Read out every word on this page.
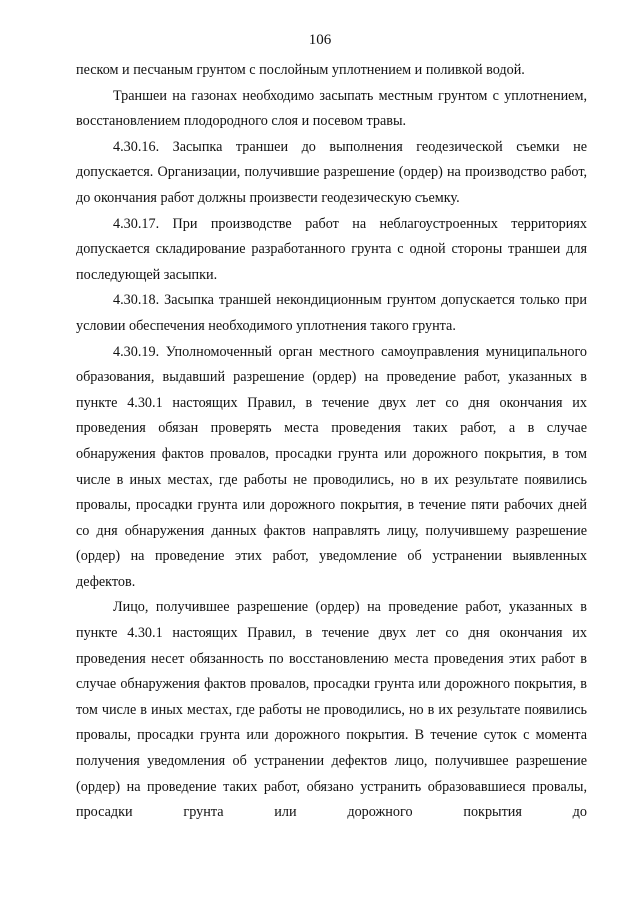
106

песком и песчаным грунтом с послойным уплотнением и поливкой водой.

Траншеи на газонах необходимо засыпать местным грунтом с уплотнением, восстановлением плодородного слоя и посевом травы.

4.30.16. Засыпка траншеи до выполнения геодезической съемки не допускается. Организации, получившие разрешение (ордер) на производство работ, до окончания работ должны произвести геодезическую съемку.

4.30.17. При производстве работ на неблагоустроенных территориях допускается складирование разработанного грунта с одной стороны траншеи для последующей засыпки.

4.30.18. Засыпка траншей некондиционным грунтом допускается только при условии обеспечения необходимого уплотнения такого грунта.

4.30.19. Уполномоченный орган местного самоуправления муниципального образования, выдавший разрешение (ордер) на проведение работ, указанных в пункте 4.30.1 настоящих Правил, в течение двух лет со дня окончания их проведения обязан проверять места проведения таких работ, а в случае обнаружения фактов провалов, просадки грунта или дорожного покрытия, в том числе в иных местах, где работы не проводились, но в их результате появились провалы, просадки грунта или дорожного покрытия, в течение пяти рабочих дней со дня обнаружения данных фактов направлять лицу, получившему разрешение (ордер) на проведение этих работ, уведомление об устранении выявленных дефектов.

Лицо, получившее разрешение (ордер) на проведение работ, указанных в пункте 4.30.1 настоящих Правил, в течение двух лет со дня окончания их проведения несет обязанность по восстановлению места проведения этих работ в случае обнаружения фактов провалов, просадки грунта или дорожного покрытия, в том числе в иных местах, где работы не проводились, но в их результате появились провалы, просадки грунта или дорожного покрытия. В течение суток с момента получения уведомления об устранении дефектов лицо, получившее разрешение (ордер) на проведение таких работ, обязано устранить образовавшиеся провалы, просадки грунта или дорожного покрытия до
